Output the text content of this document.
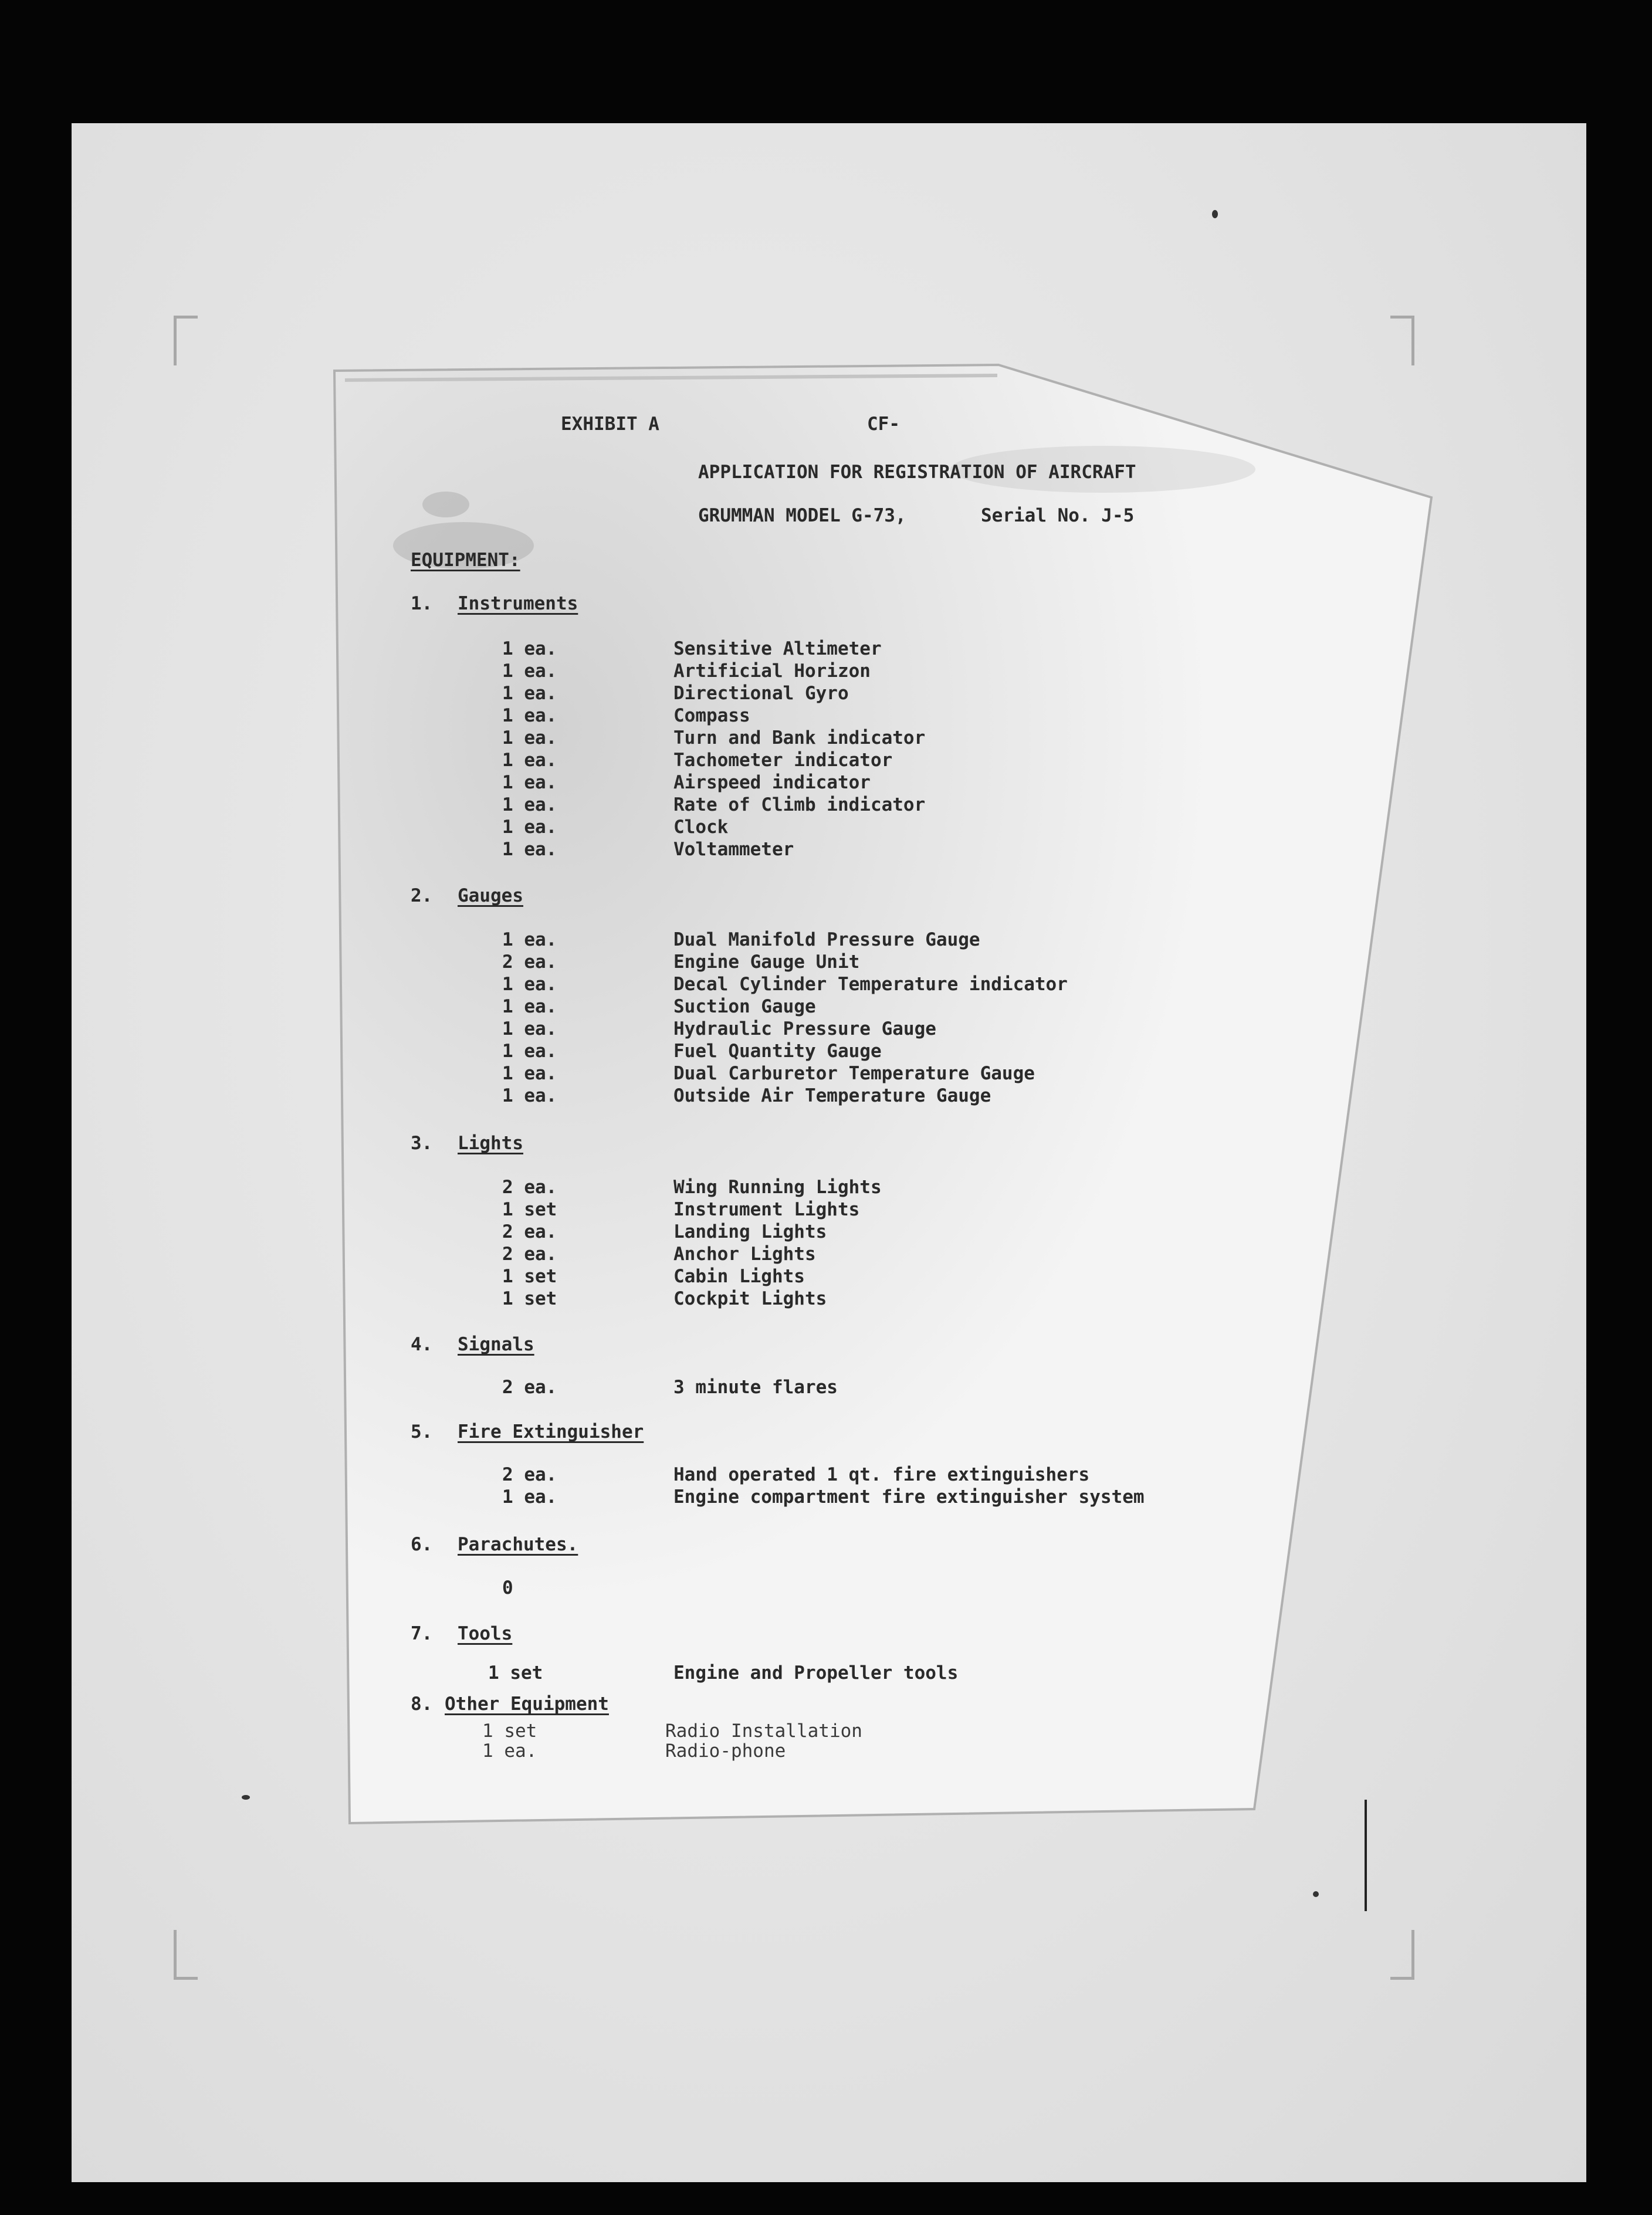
EXHIBIT A	CF-
APPLICATION FOR REGISTRATION OF AIRCRAFT
GRUMMAN MODEL G-73,	Serial No. J-5
EQUIPMENT:
1. Instruments
1 ea.	Sensitive Altimeter
1 ea.	Artificial Horizon
1 ea.	Directional Gyro
1 ea.	Compass
1 ea.	Turn and Bank indicator
1 ea.	Tachometer indicator
1 ea.	Airspeed indicator
1 ea.	Rate of Climb indicator
1 ea.	Clock
1 ea.	Voltammeter
2. Gauges
1 ea.	Dual Manifold Pressure Gauge
2 ea.	Engine Gauge Unit
1 ea.	Decal Cylinder Temperature indicator
1 ea.	Suction Gauge
1 ea.	Hydraulic Pressure Gauge
1 ea.	Fuel Quantity Gauge
1 ea.	Dual Carburetor Temperature Gauge
1 ea.	Outside Air Temperature Gauge
3. Lights
2 ea.	Wing Running Lights
1 set	Instrument Lights
2 ea.	Landing Lights
2 ea.	Anchor Lights
1 set	Cabin Lights
1 set	Cockpit Lights
4. Signals
2 ea.	3 minute flares
5. Fire Extinguisher
2 ea.	Hand operated 1 qt. fire extinguishers
1 ea.	Engine compartment fire extinguisher system
6. Parachutes.
0
7. Tools
1 set	Engine and Propeller tools
8. Other Equipment
1 set	Radio Installation
1 ea.	Radio-phone
